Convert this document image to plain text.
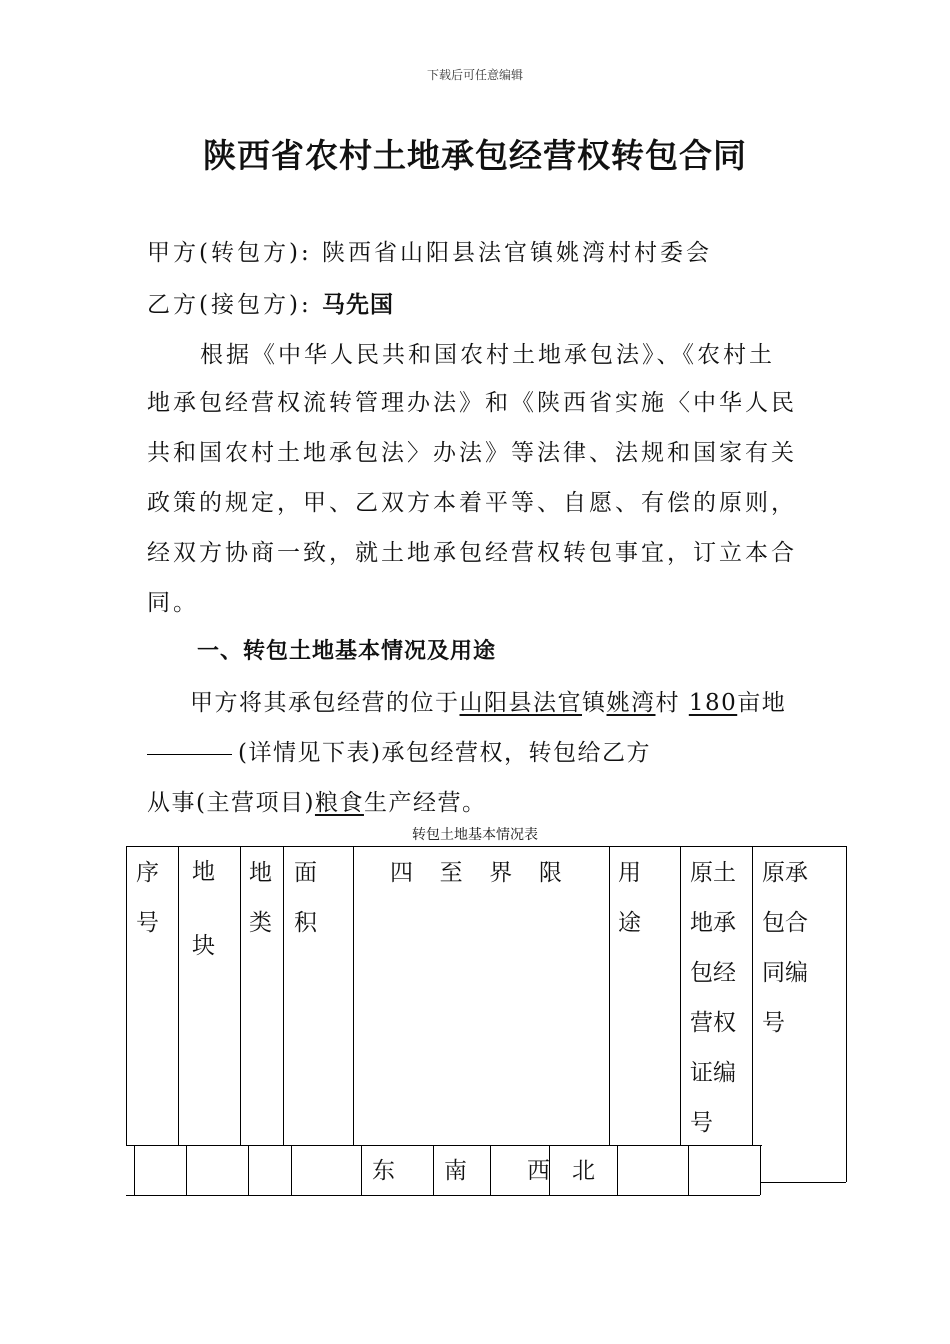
下载后可任意编辑
陕西省农村土地承包经营权转包合同
甲方(转包方): 陕西省山阳县法官镇姚湾村村委会
乙方(接包方): 马先国
根据《中华人民共和国农村土地承包法》、《农村土
地承包经营权流转管理办法》和《陕西省实施〈中华人民
共和国农村土地承包法〉办法》等法律、法规和国家有关
政策的规定，甲、乙双方本着平等、自愿、有偿的原则，
经双方协商一致，就土地承包经营权转包事宜，订立本合
同。
一、转包土地基本情况及用途
甲方将其承包经营的位于山阳县法官镇姚湾村 180亩地
(详情见下表)承包经营权，转包给乙方
从事(主营项目)粮食生产经营。
转包土地基本情况表
序
号
地

块
地
类
面
积
四  至  界  限 用
途
原土
地承
包经
营权
证编
号
原承
包合
同编
号
东 南	西 北
